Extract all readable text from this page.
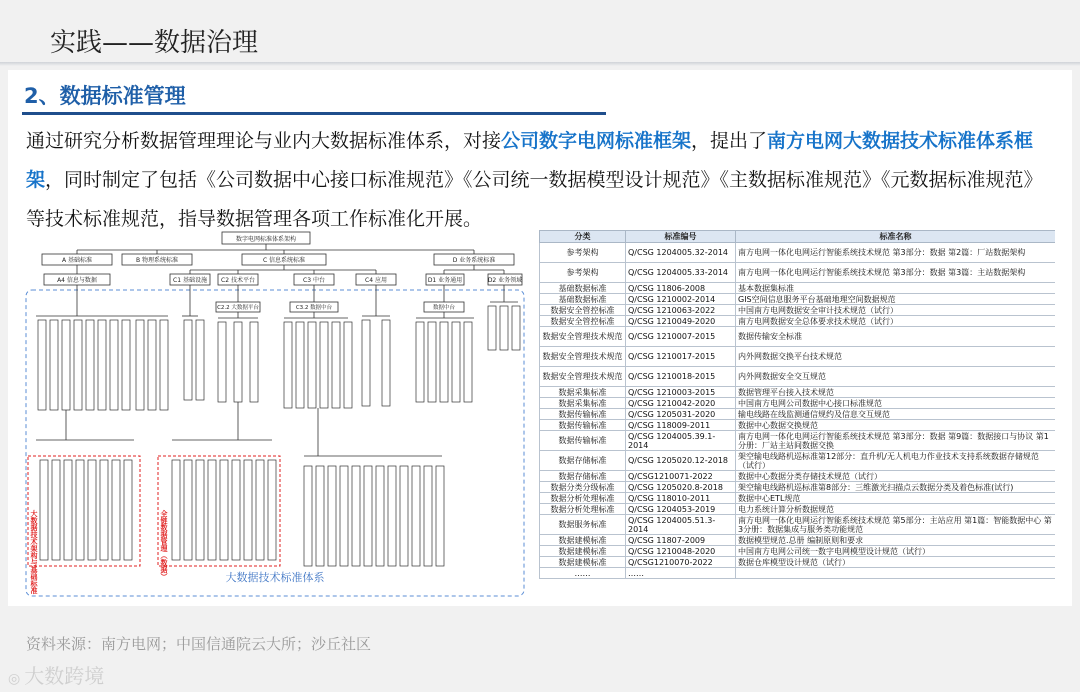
实践——数据治理
2、数据标准管理
通过研究分析数据管理理论与业内大数据标准体系，对接公司数字电网标准框架，提出了南方电网大数据技术标准体系框架，同时制定了包括《公司数据中心接口标准规范》《公司统一数据模型设计规范》《主数据标准规范》《元数据标准规范》等技术标准规范，指导数据管理各项工作标准化开展。
数字电网标准体系架构
A 基础标准	B 物理系统标准	C 信息系统标准	D 业务系统标准
A4 信息与数据	C1 基础设施 C2 技术平台	C3 中台	C4 应用	D1 业务通用	D2 业务领域
C2.2 大数据平台	C3.2 数据中台	数据中台
大数据技术架构与基础标准	全链数据管理（数据）	大数据技术标准体系
分类	标准编号	标准名称
参考架构	Q/CSG 1204005.32-2014	南方电网一体化电网运行智能系统技术规范 第3部分：数据 第2篇：厂站数据架构
参考架构	Q/CSG 1204005.33-2014	南方电网一体化电网运行智能系统技术规范 第3部分：数据 第3篇：主站数据架构
基础数据标准	Q/CSG 11806-2008	基本数据集标准
基础数据标准	Q/CSG 1210002-2014	GIS空间信息服务平台基础地理空间数据规范
数据安全管控标准	Q/CSG 1210063-2022	中国南方电网数据安全审计技术规范（试行）
数据安全管控标准	Q/CSG 1210049-2020	南方电网数据安全总体要求技术规范（试行）
数据安全管理技术规范	Q/CSG 1210007-2015	数据传输安全标准
数据安全管理技术规范	Q/CSG 1210017-2015	内外网数据交换平台技术规范
数据安全管理技术规范	Q/CSG 1210018-2015	内外网数据安全交互规范
数据采集标准	Q/CSG 1210003-2015	数据管理平台接入技术规范
数据采集标准	Q/CSG 1210042-2020	中国南方电网公司数据中心接口标准规范
数据传输标准	Q/CSG 1205031-2020	输电线路在线监测通信规约及信息交互规范
数据传输标准	Q/CSG 118009-2011	数据中心数据交换规范
数据传输标准	Q/CSG 1204005.39.1-2014	南方电网一体化电网运行智能系统技术规范 第3部分：数据 第9篇：数据接口与协议 第1分册：厂站主站间数据交换
数据存储标准	Q/CSG 1205020.12-2018	架空输电线路机巡标准第12部分：直升机/无人机电力作业技术支持系统数据存储规范（试行）
数据存储标准	Q/CSG1210071-2022	数据中心数据分类存储技术规范（试行）
数据分类分级标准	Q/CSG 1205020.8-2018	架空输电线路机巡标准第8部分：三维激光扫描点云数据分类及着色标准(试行)
数据分析处理标准	Q/CSG 118010-2011	数据中心ETL规范
数据分析处理标准	Q/CSG 1204053-2019	电力系统计算分析数据规范
数据服务标准	Q/CSG 1204005.51.3-2014	南方电网一体化电网运行智能系统技术规范 第5部分：主站应用 第1篇：智能数据中心 第3分册：数据集成与服务类功能规范
数据建模标准	Q/CSG 11807-2009	数据模型规范.总册 编制原则和要求
数据建模标准	Q/CSG 1210048-2020	中国南方电网公司统一数字电网模型设计规范（试行）
数据建模标准	Q/CSG1210070-2022	数据仓库模型设计规范（试行）
……	……	
资料来源：南方电网；中国信通院云大所；沙丘社区
◎ 大数跨境
